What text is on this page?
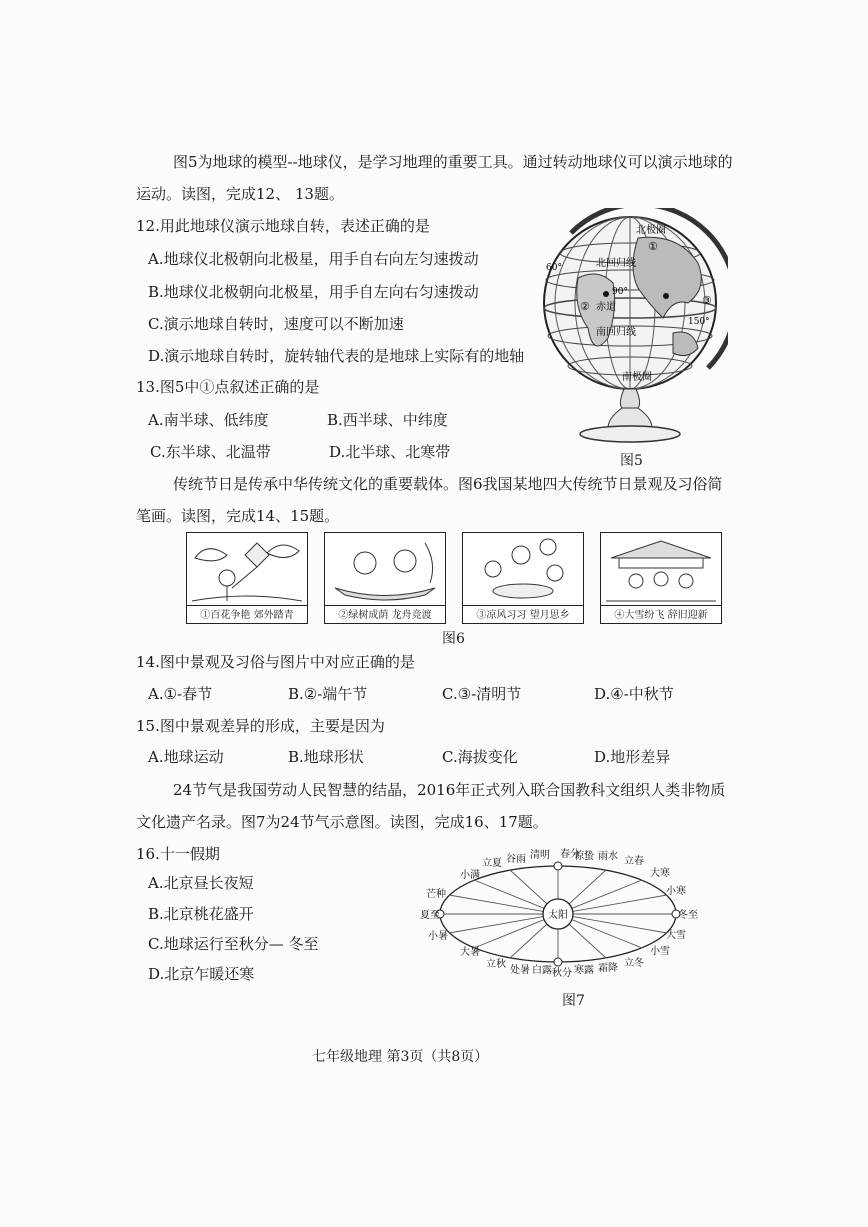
图5为地球的模型--地球仪，是学习地理的重要工具。通过转动地球仪可以演示地球的
运动。读图，完成12、 13题。
12.用此地球仪演示地球自转，表述正确的是
A.地球仪北极朝向北极星，用手自右向左匀速拨动
B.地球仪北极朝向北极星，用手自左向右匀速拨动
C.演示地球自转时，速度可以不断加速
D.演示地球自转时，旋转轴代表的是地球上实际有的地轴
13.图5中①点叙述正确的是
A.南半球、低纬度	B.西半球、中纬度
C.东半球、北温带	D.北半球、北寒带
北极圈
①
北回归线
60°
90°
② 赤道
③
南回归线
150°
南极圈
图5
传统节日是传承中华传统文化的重要载体。图6我国某地四大传统节日景观及习俗简
笔画。读图，完成14、15题。
①百花争艳 郊外踏青	②绿树成荫 龙舟竞渡	③凉风习习 望月思乡	④大雪纷飞 辞旧迎新
图6
14.图中景观及习俗与图片中对应正确的是
A.①-春节	B.②-端午节	C.③-清明节	D.④-中秋节
15.图中景观差异的形成，主要是因为
A.地球运动	B.地球形状	C.海拔变化	D.地形差异
24节气是我国劳动人民智慧的结晶，2016年正式列入联合国教科文组织人类非物质
文化遗产名录。图7为24节气示意图。读图，完成16、17题。
16.十一假期
A.北京昼长夜短
B.北京桃花盛开
C.地球运行至秋分— 冬至
D.北京乍暖还寒
太阳
春分
清明
谷雨
立夏
小满
芒种
夏至
小暑
大暑
立秋
处暑 白露 秋分 寒露 霜降 立冬
小雪
大雪
冬至
小寒
大寒
立春
雨水
惊蛰
图7
七年级地理 第3页（共8页）
